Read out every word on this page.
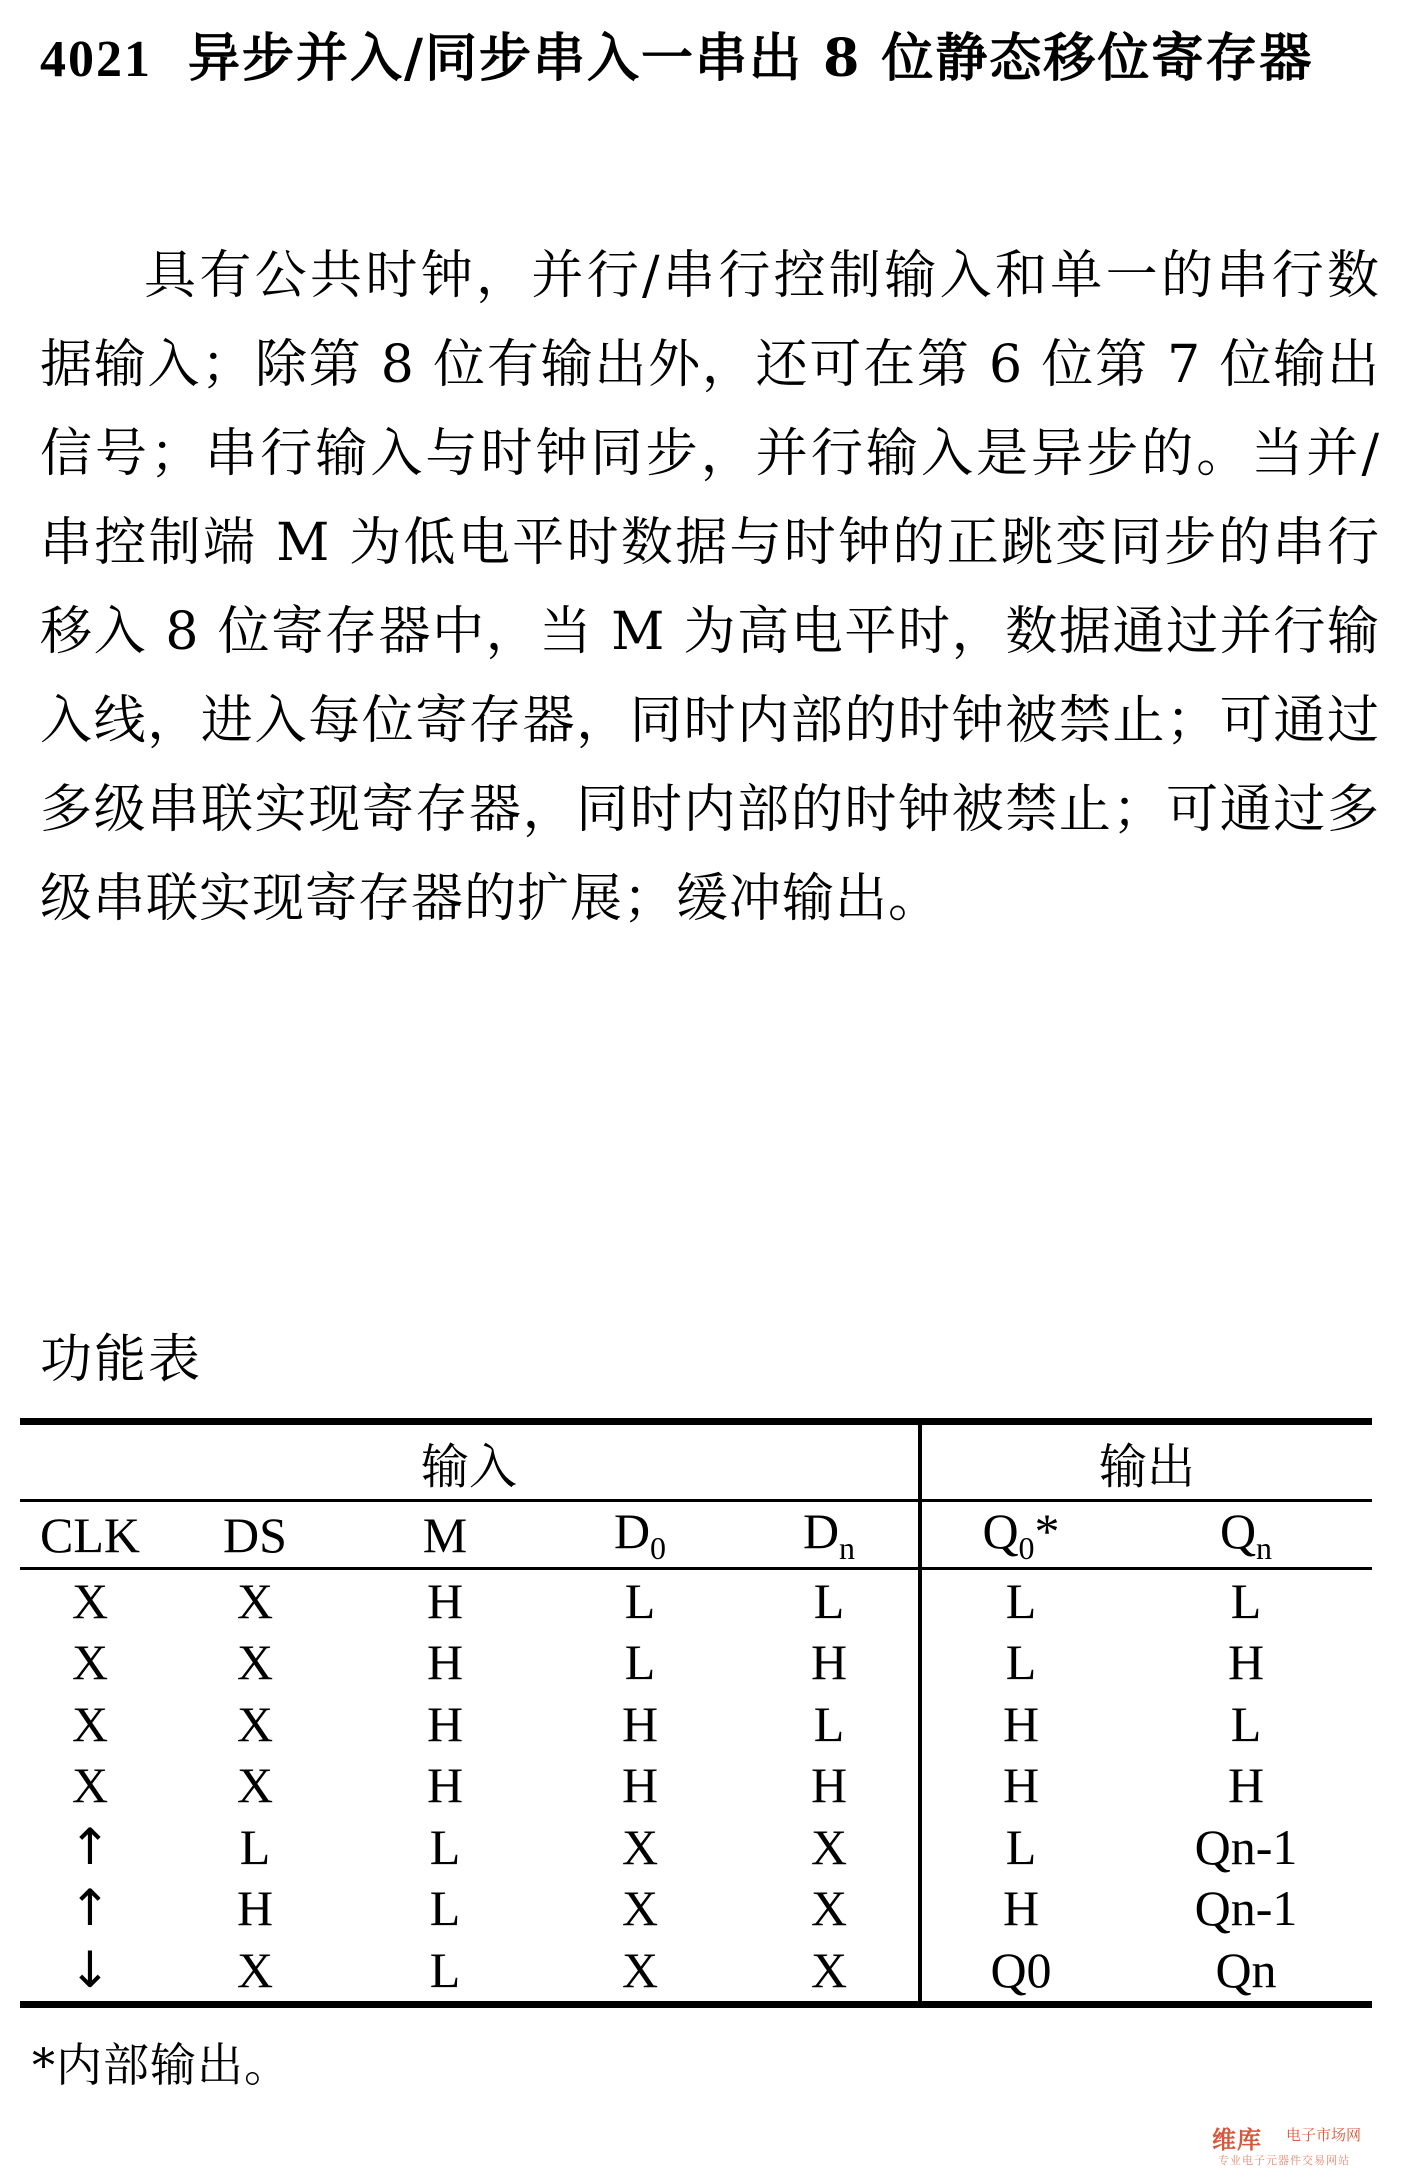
4021 异步并入/同步串入一串出 8 位静态移位寄存器
具有公共时钟，并行/串行控制输入和单一的串行数据输入；除第 8 位有输出外，还可在第 6 位第 7 位输出信号；串行输入与时钟同步，并行输入是异步的。当并/串控制端 M 为低电平时数据与时钟的正跳变同步的串行移入 8 位寄存器中，当 M 为高电平时，数据通过并行输入线，进入每位寄存器，同时内部的时钟被禁止；可通过多级串联实现寄存器，同时内部的时钟被禁止；可通过多级串联实现寄存器的扩展；缓冲输出。
功能表
输入					输出	
CLK	DS	M	$D_0$	$D_n$	$Q_0*$	$Q_n$
X	X	H	L	L	L	L
X	X	H	L	H	L	H
X	X	H	H	L	H	L
X	X	H	H	H	H	H
↑	L	L	X	X	L	Qn-1
↑	H	L	X	X	H	Qn-1
↓	X	L	X	X	Q0	Qn
*内部输出。
维库 电子市场网
专业电子元器件交易网站
